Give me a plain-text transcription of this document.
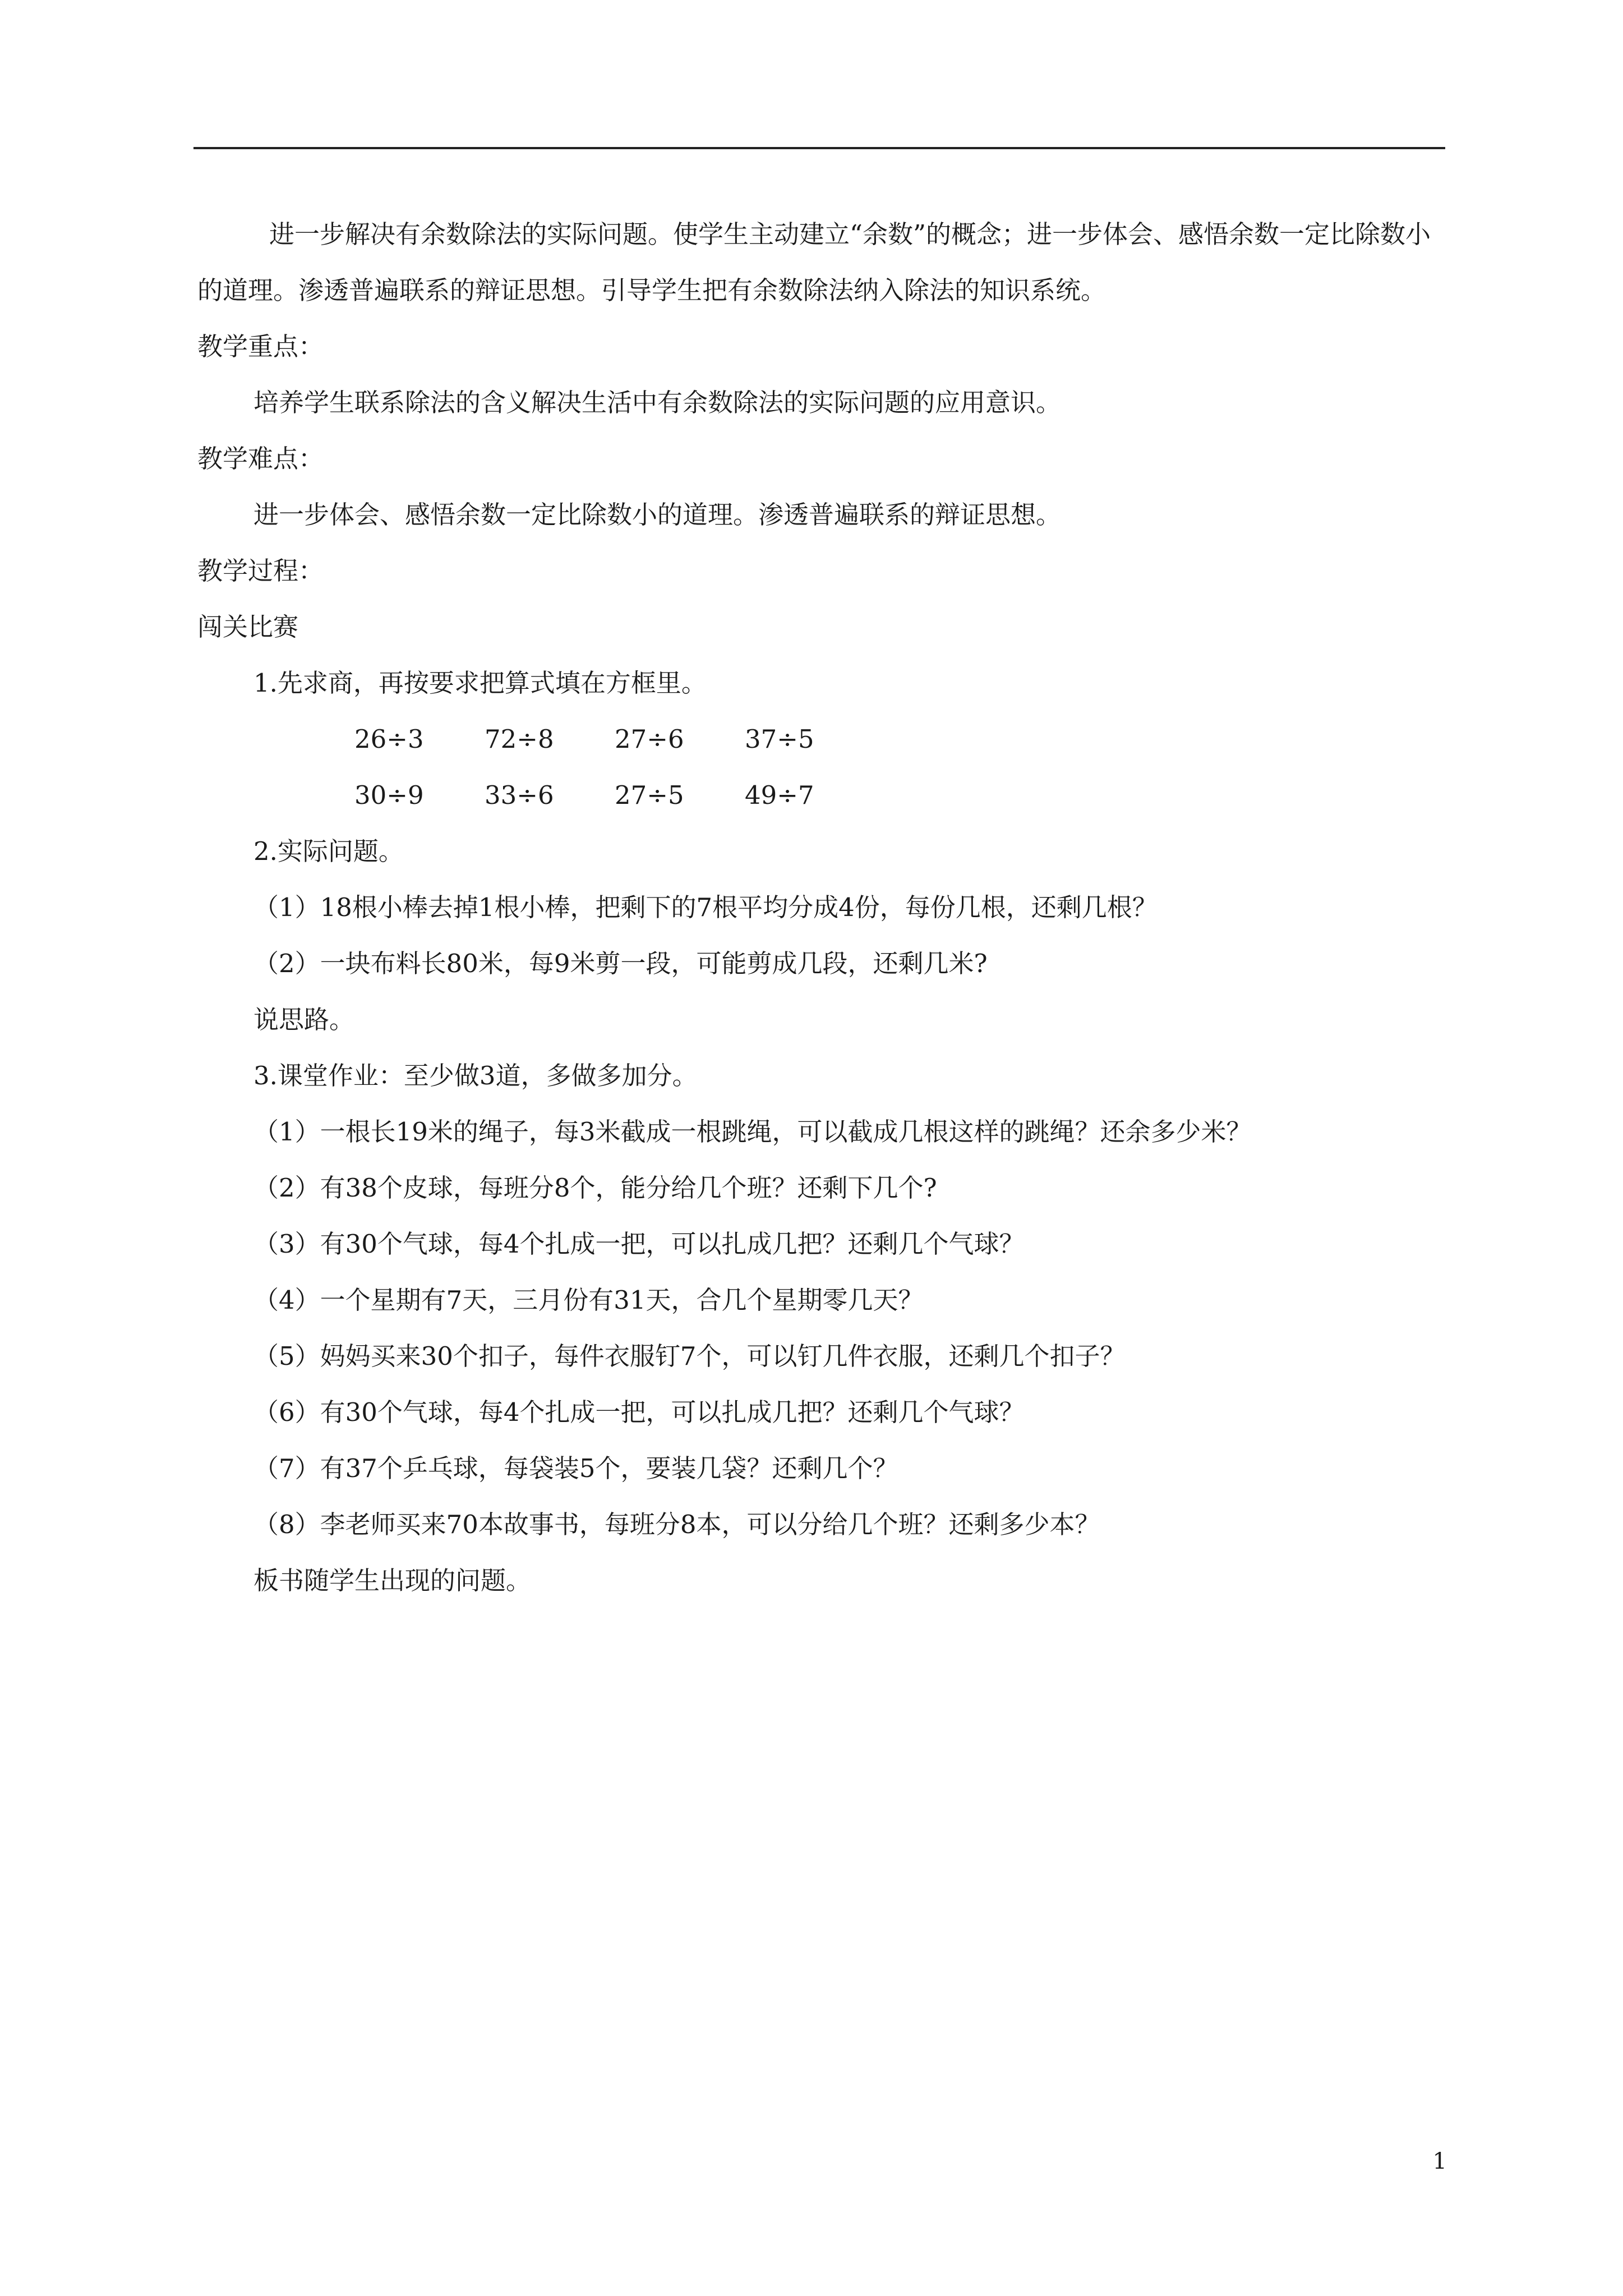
进一步解决有余数除法的实际问题。使学生主动建立“余数”的概念；进一步体会、感悟余数一定比除数小的道理。渗透普遍联系的辩证思想。引导学生把有余数除法纳入除法的知识系统。
教学重点：
培养学生联系除法的含义解决生活中有余数除法的实际问题的应用意识。
教学难点：
进一步体会、感悟余数一定比除数小的道理。渗透普遍联系的辩证思想。
教学过程：
闯关比赛
1.先求商，再按要求把算式填在方框里。
26÷3 72÷8 27÷6 37÷5
30÷9 33÷6 27÷5 49÷7
2.实际问题。
（1）18根小棒去掉1根小棒，把剩下的7根平均分成4份，每份几根，还剩几根？
（2）一块布料长80米，每9米剪一段，可能剪成几段，还剩几米?
说思路。
3.课堂作业：至少做3道，多做多加分。
（1）一根长19米的绳子，每3米截成一根跳绳，可以截成几根这样的跳绳？还余多少米？
（2）有38个皮球，每班分8个，能分给几个班？还剩下几个?
（3）有30个气球，每4个扎成一把，可以扎成几把？还剩几个气球？
（4）一个星期有7天，三月份有31天，合几个星期零几天？
（5）妈妈买来30个扣子，每件衣服钉7个，可以钉几件衣服，还剩几个扣子？
（6）有30个气球，每4个扎成一把，可以扎成几把？还剩几个气球？
（7）有37个乒乓球，每袋装5个，要装几袋？还剩几个？
（8）李老师买来70本故事书，每班分8本，可以分给几个班？还剩多少本？
板书随学生出现的问题。
1
